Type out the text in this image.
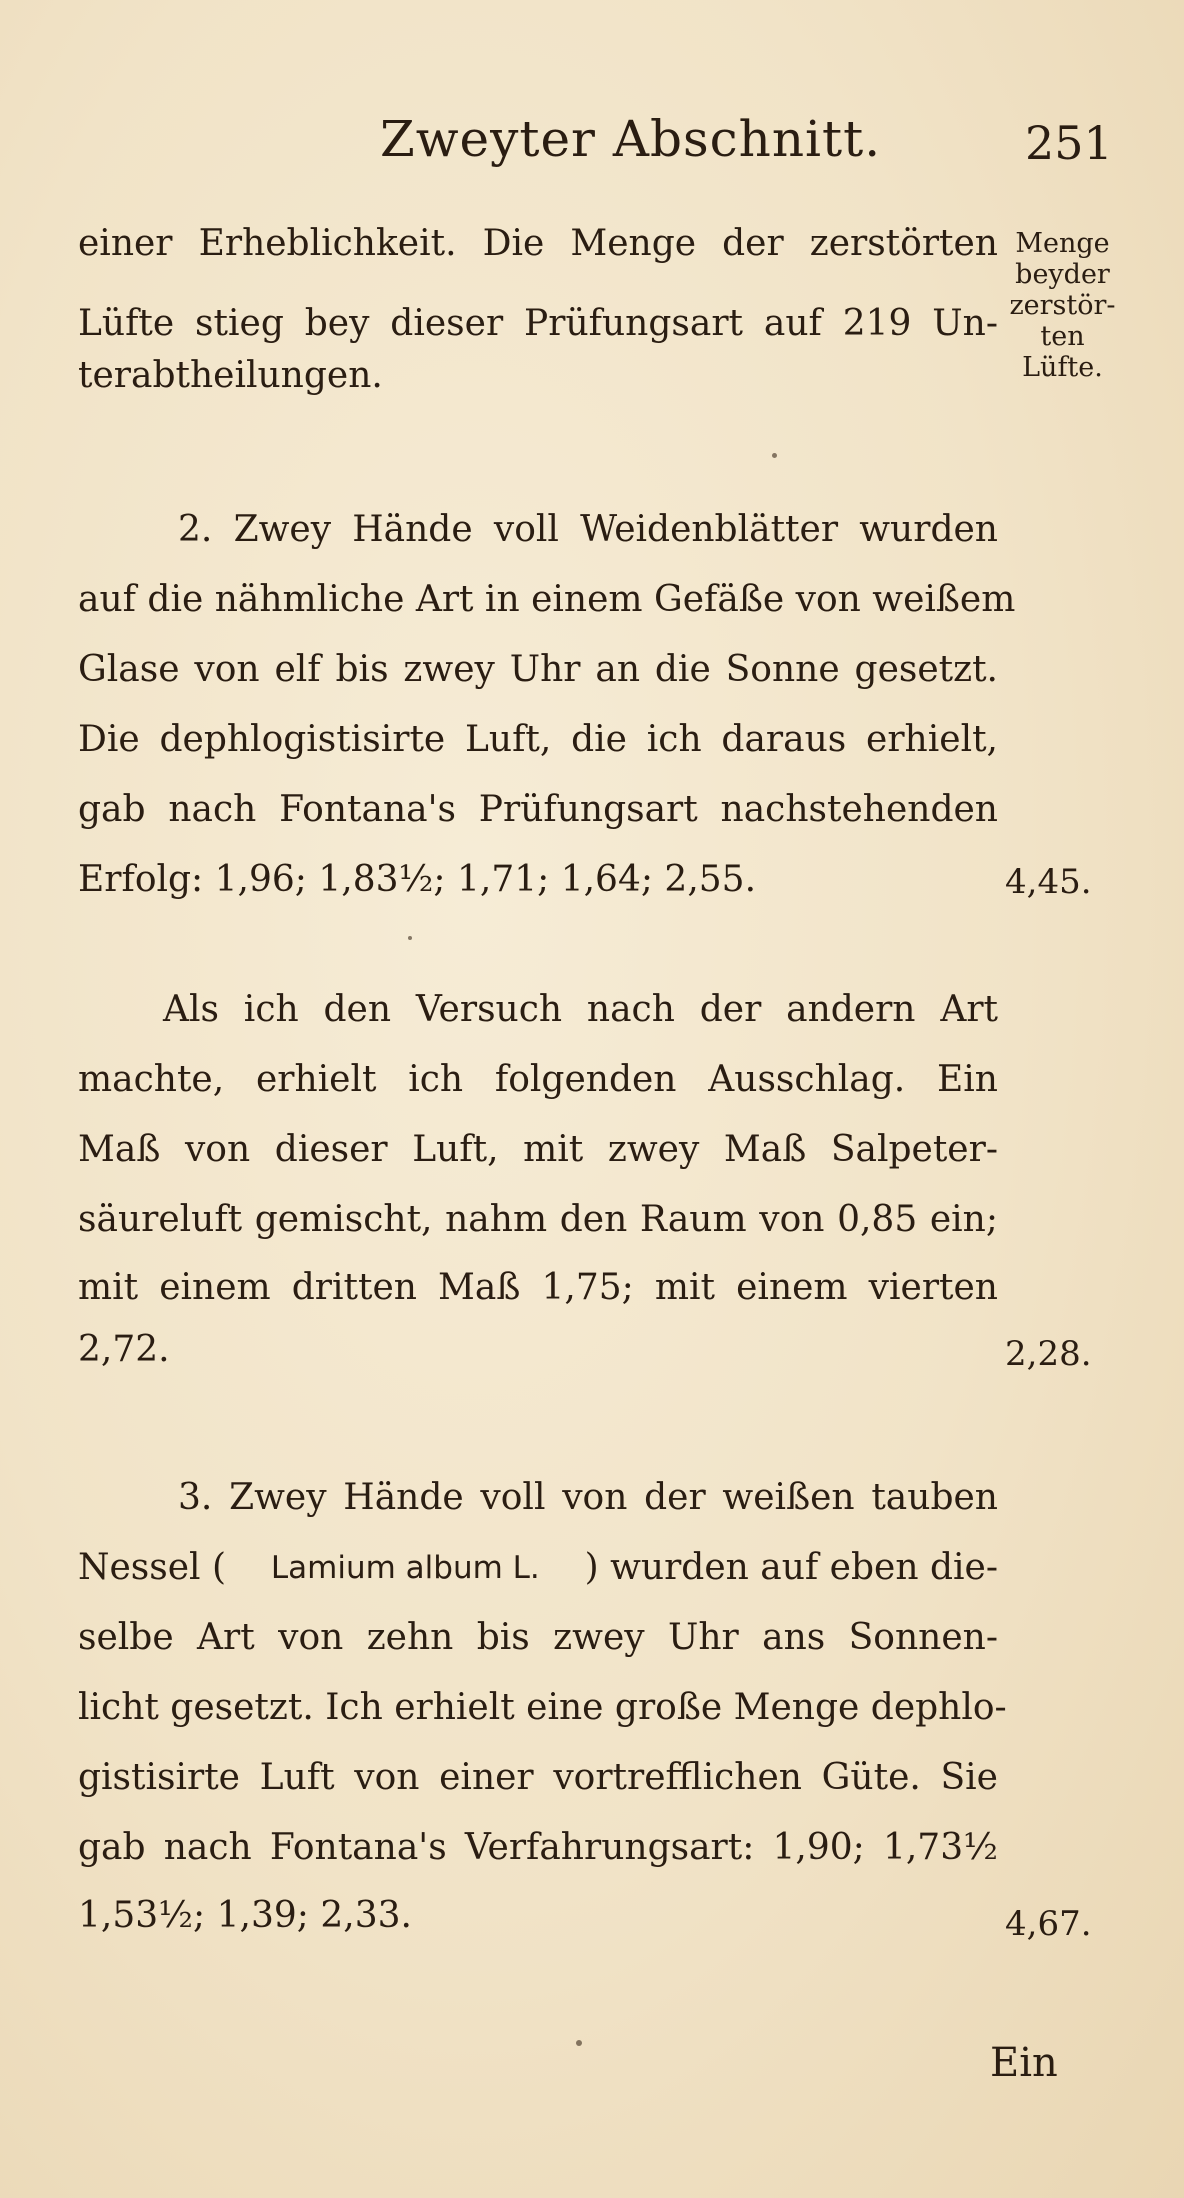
Zweyter Abschnitt.	251
einer Erheblichkeit. Die Menge der zerstörten
Lüfte stieg bey dieser Prüfungsart auf 219 Un-
terabtheilungen.
Menge
beyder
zerstör-
ten
Lüfte.
2. Zwey Hände voll Weidenblätter wurden
auf die nähmliche Art in einem Gefäße von weißem
Glase von elf bis zwey Uhr an die Sonne gesetzt.
Die dephlogistisirte Luft, die ich daraus erhielt,
gab nach Fontana's Prüfungsart nachstehenden
Erfolg: 1,96; 1,83½; 1,71; 1,64; 2,55.	4,45.
Als ich den Versuch nach der andern Art
machte, erhielt ich folgenden Ausschlag. Ein
Maß von dieser Luft, mit zwey Maß Salpeter-
säureluft gemischt, nahm den Raum von 0,85 ein;
mit einem dritten Maß 1,75; mit einem vierten
2,72.	2,28.
3. Zwey Hände voll von der weißen tauben
Nessel ( Lamium album L. ) wurden auf eben die-
selbe Art von zehn bis zwey Uhr ans Sonnen-
licht gesetzt. Ich erhielt eine große Menge dephlo-
gistisirte Luft von einer vortrefflichen Güte. Sie
gab nach Fontana's Verfahrungsart: 1,90; 1,73½
1,53½; 1,39; 2,33.	4,67.
Ein
